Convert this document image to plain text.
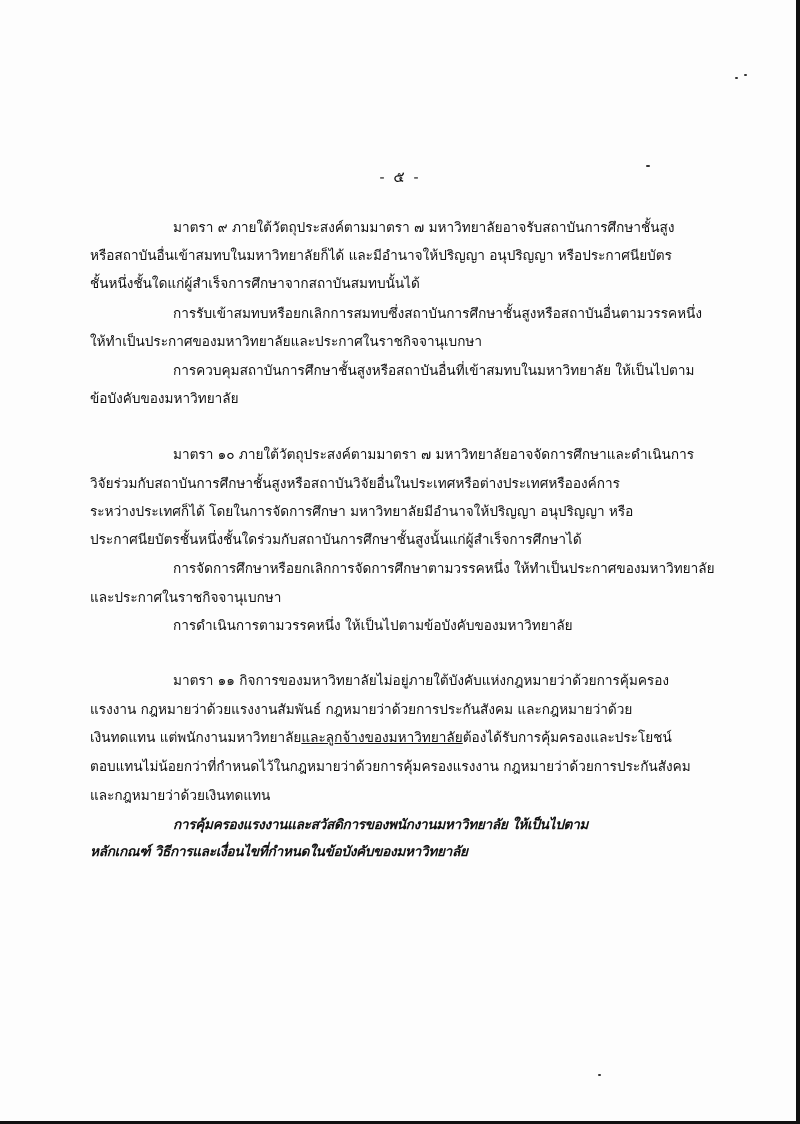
- ๕ -
มาตรา ๙ ภายใต้วัตถุประสงค์ตามมาตรา ๗ มหาวิทยาลัยอาจรับสถาบันการศึกษาชั้นสูง
หรือสถาบันอื่นเข้าสมทบในมหาวิทยาลัยก็ได้ และมีอำนาจให้ปริญญา อนุปริญญา หรือประกาศนียบัตร
ชั้นหนึ่งชั้นใดแก่ผู้สำเร็จการศึกษาจากสถาบันสมทบนั้นได้
การรับเข้าสมทบหรือยกเลิกการสมทบซึ่งสถาบันการศึกษาชั้นสูงหรือสถาบันอื่นตามวรรคหนึ่ง
ให้ทำเป็นประกาศของมหาวิทยาลัยและประกาศในราชกิจจานุเบกษา
การควบคุมสถาบันการศึกษาชั้นสูงหรือสถาบันอื่นที่เข้าสมทบในมหาวิทยาลัย ให้เป็นไปตาม
ข้อบังคับของมหาวิทยาลัย
มาตรา ๑๐ ภายใต้วัตถุประสงค์ตามมาตรา ๗ มหาวิทยาลัยอาจจัดการศึกษาและดำเนินการ
วิจัยร่วมกับสถาบันการศึกษาชั้นสูงหรือสถาบันวิจัยอื่นในประเทศหรือต่างประเทศหรือองค์การ
ระหว่างประเทศก็ได้ โดยในการจัดการศึกษา มหาวิทยาลัยมีอำนาจให้ปริญญา อนุปริญญา หรือ
ประกาศนียบัตรชั้นหนึ่งชั้นใดร่วมกับสถาบันการศึกษาชั้นสูงนั้นแก่ผู้สำเร็จการศึกษาได้
การจัดการศึกษาหรือยกเลิกการจัดการศึกษาตามวรรคหนึ่ง ให้ทำเป็นประกาศของมหาวิทยาลัย
และประกาศในราชกิจจานุเบกษา
การดำเนินการตามวรรคหนึ่ง ให้เป็นไปตามข้อบังคับของมหาวิทยาลัย
มาตรา ๑๑ กิจการของมหาวิทยาลัยไม่อยู่ภายใต้บังคับแห่งกฎหมายว่าด้วยการคุ้มครอง
แรงงาน กฎหมายว่าด้วยแรงงานสัมพันธ์ กฎหมายว่าด้วยการประกันสังคม และกฎหมายว่าด้วย
เงินทดแทน แต่พนักงานมหาวิทยาลัยและลูกจ้างของมหาวิทยาลัยต้องได้รับการคุ้มครองและประโยชน์
ตอบแทนไม่น้อยกว่าที่กำหนดไว้ในกฎหมายว่าด้วยการคุ้มครองแรงงาน กฎหมายว่าด้วยการประกันสังคม
และกฎหมายว่าด้วยเงินทดแทน
การคุ้มครองแรงงานและสวัสดิการของพนักงานมหาวิทยาลัย ให้เป็นไปตาม
หลักเกณฑ์ วิธีการและเงื่อนไขที่กำหนดในข้อบังคับของมหาวิทยาลัย
